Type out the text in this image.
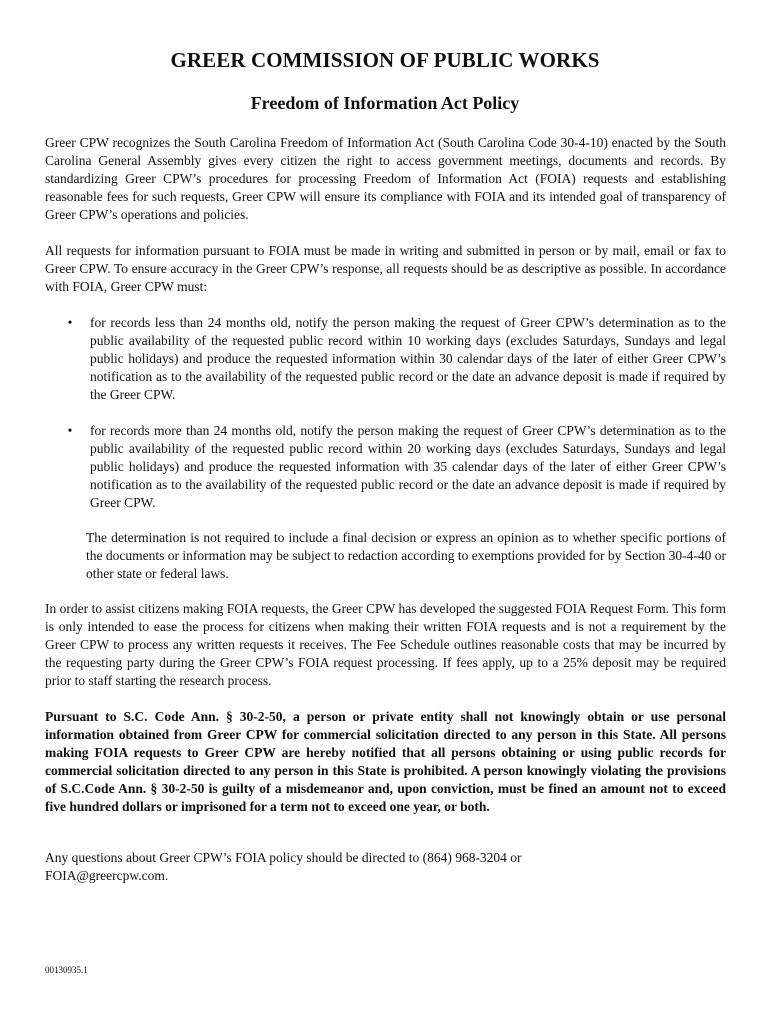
GREER COMMISSION OF PUBLIC WORKS
Freedom of Information Act Policy

Greer CPW recognizes the South Carolina Freedom of Information Act (South Carolina Code 30-4-10) enacted by the South Carolina General Assembly gives every citizen the right to access government meetings, documents and records. By standardizing Greer CPW’s procedures for processing Freedom of Information Act (FOIA) requests and establishing reasonable fees for such requests, Greer CPW will ensure its compliance with FOIA and its intended goal of transparency of Greer CPW’s operations and policies.

All requests for information pursuant to FOIA must be made in writing and submitted in person or by mail, email or fax to Greer CPW. To ensure accuracy in the Greer CPW’s response, all requests should be as descriptive as possible. In accordance with FOIA, Greer CPW must:

• for records less than 24 months old, notify the person making the request of Greer CPW’s determination as to the public availability of the requested public record within 10 working days (excludes Saturdays, Sundays and legal public holidays) and produce the requested information within 30 calendar days of the later of either Greer CPW’s notification as to the availability of the requested public record or the date an advance deposit is made if required by the Greer CPW.
• for records more than 24 months old, notify the person making the request of Greer CPW’s determination as to the public availability of the requested public record within 20 working days (excludes Saturdays, Sundays and legal public holidays) and produce the requested information with 35 calendar days of the later of either Greer CPW’s notification as to the availability of the requested public record or the date an advance deposit is made if required by Greer CPW.

The determination is not required to include a final decision or express an opinion as to whether specific portions of the documents or information may be subject to redaction according to exemptions provided for by Section 30-4-40 or other state or federal laws.

In order to assist citizens making FOIA requests, the Greer CPW has developed the suggested FOIA Request Form. This form is only intended to ease the process for citizens when making their written FOIA requests and is not a requirement by the Greer CPW to process any written requests it receives. The Fee Schedule outlines reasonable costs that may be incurred by the requesting party during the Greer CPW’s FOIA request processing. If fees apply, up to a 25% deposit may be required prior to staff starting the research process.

Pursuant to S.C. Code Ann. § 30-2-50, a person or private entity shall not knowingly obtain or use personal information obtained from Greer CPW for commercial solicitation directed to any person in this State. All persons making FOIA requests to Greer CPW are hereby notified that all persons obtaining or using public records for commercial solicitation directed to any person in this State is prohibited. A person knowingly violating the provisions of S.C.Code Ann. § 30-2-50 is guilty of a misdemeanor and, upon conviction, must be fined an amount not to exceed five hundred dollars or imprisoned for a term not to exceed one year, or both.

Any questions about Greer CPW’s FOIA policy should be directed to (864) 968-3204 or
FOIA@greercpw.com.

00130935.1
